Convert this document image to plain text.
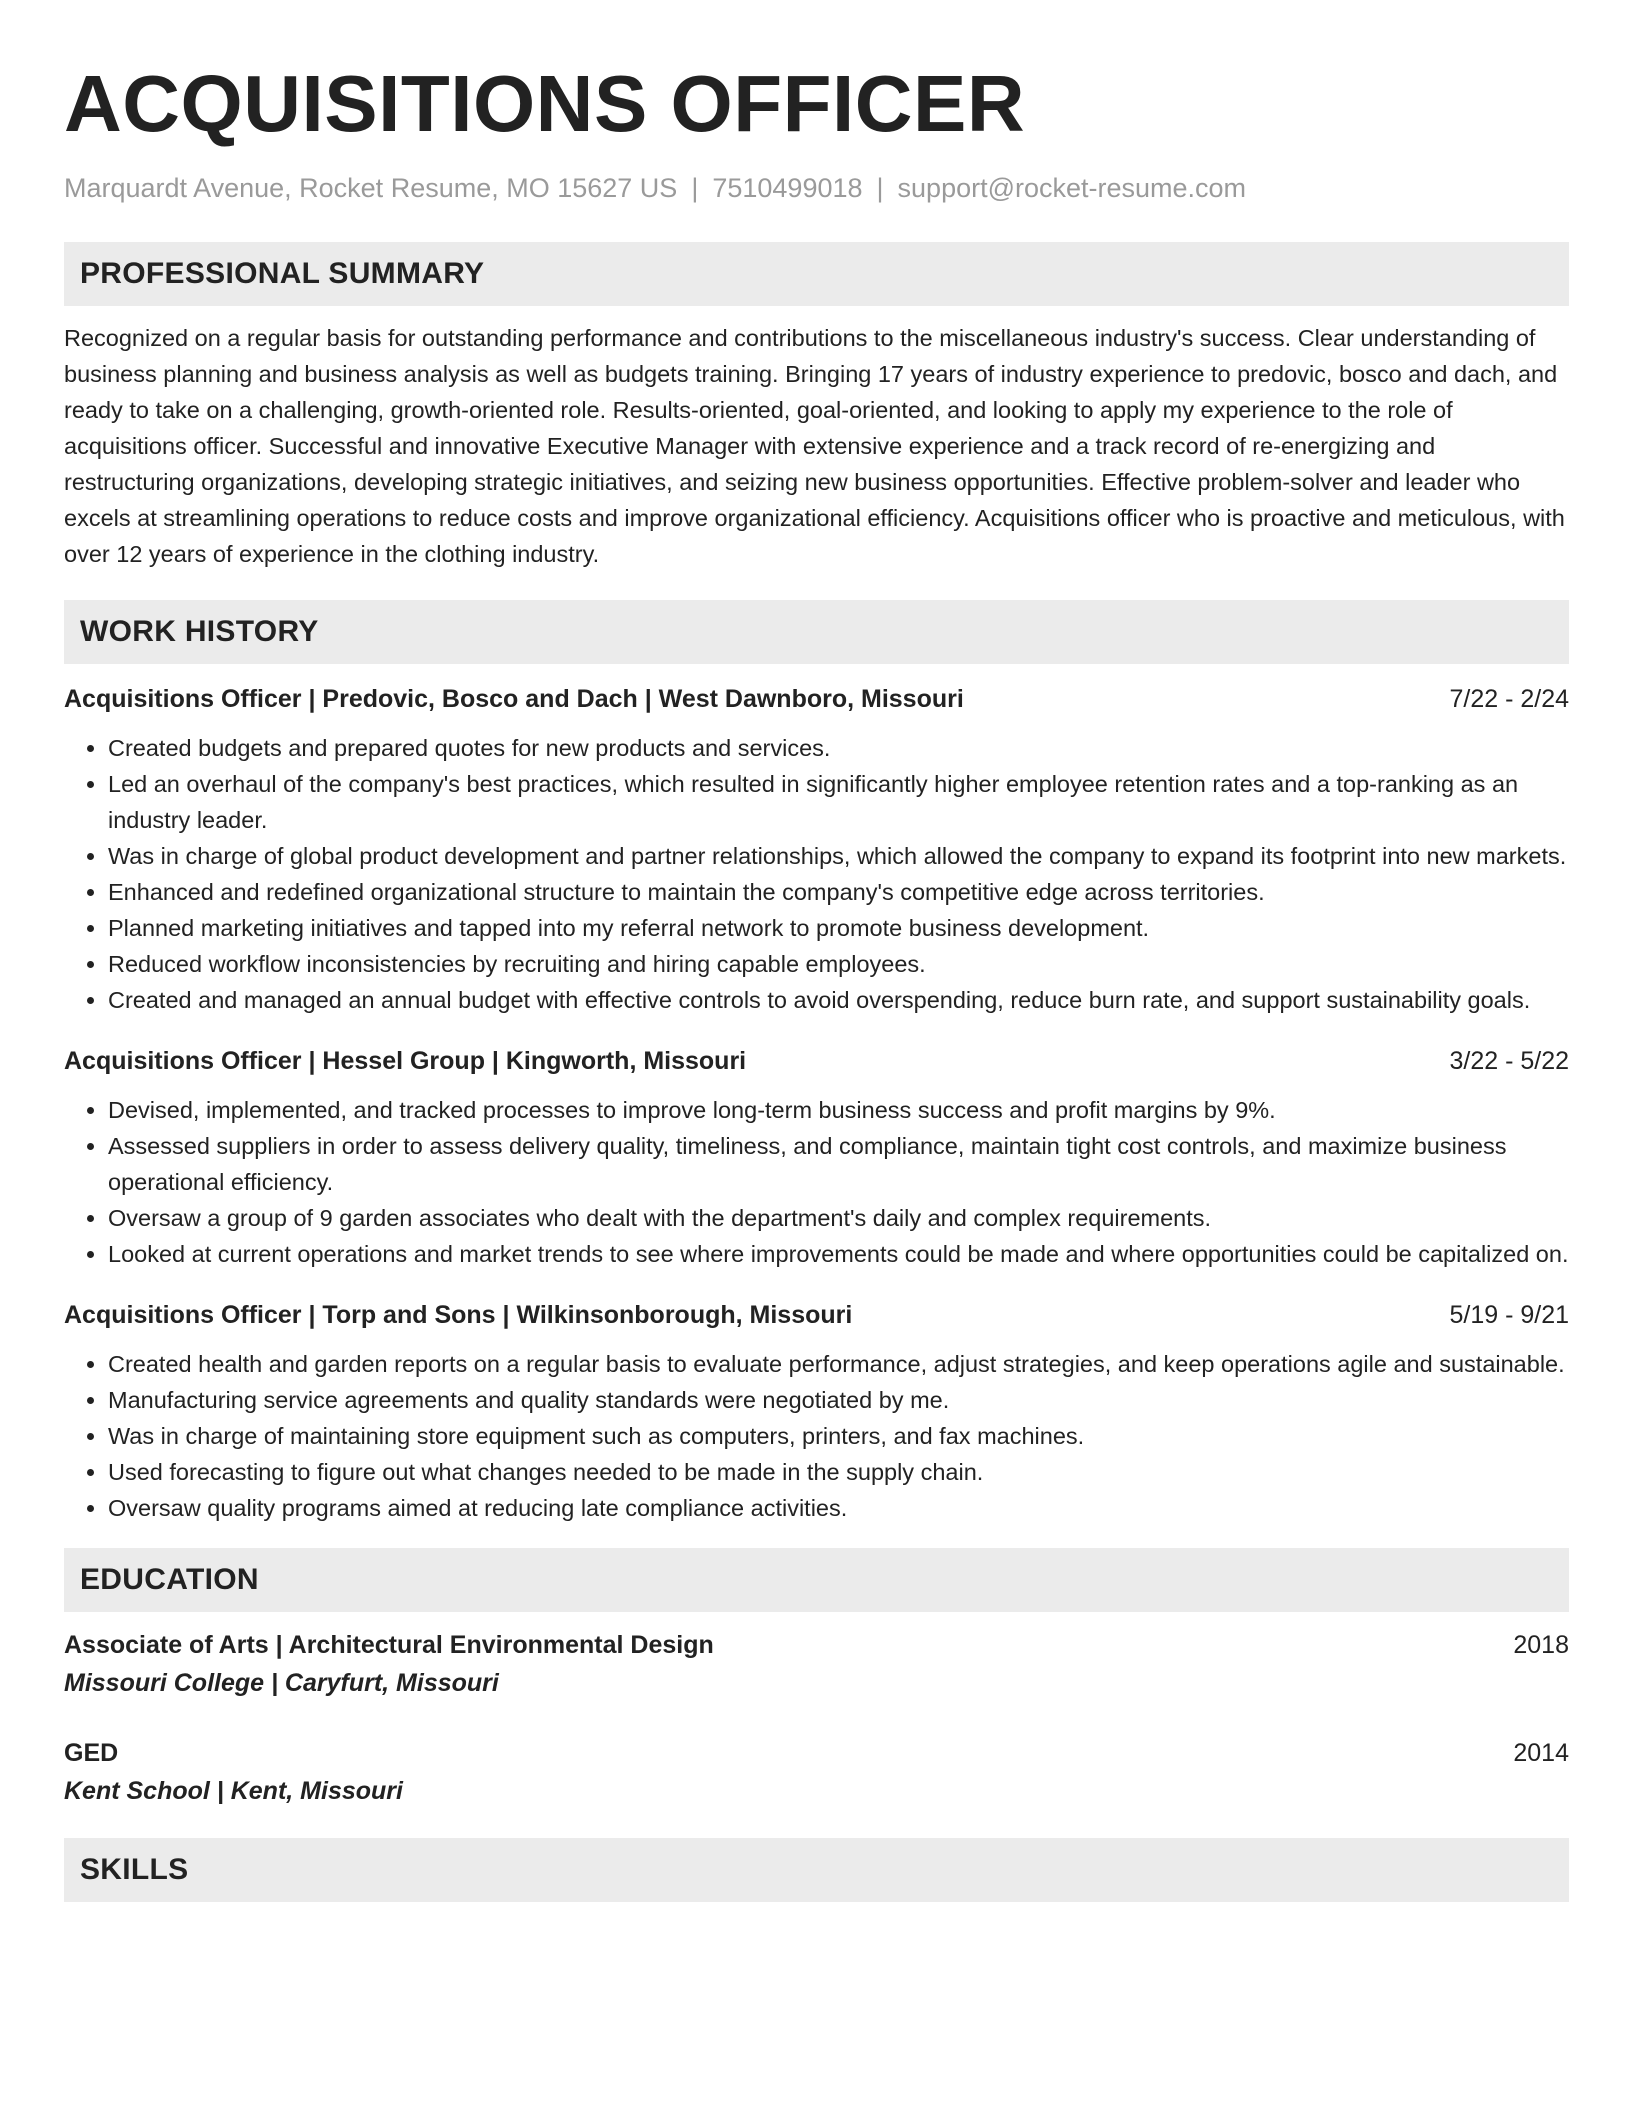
ACQUISITIONS OFFICER
Marquardt Avenue, Rocket Resume, MO 15627 US | 7510499018 | support@rocket-resume.com
PROFESSIONAL SUMMARY

Recognized on a regular basis for outstanding performance and contributions to the miscellaneous industry's success. Clear understanding of business planning and business analysis as well as budgets training. Bringing 17 years of industry experience to predovic, bosco and dach, and ready to take on a challenging, growth-oriented role. Results-oriented, goal-oriented, and looking to apply my experience to the role of acquisitions officer. Successful and innovative Executive Manager with extensive experience and a track record of re-energizing and restructuring organizations, developing strategic initiatives, and seizing new business opportunities. Effective problem-solver and leader who excels at streamlining operations to reduce costs and improve organizational efficiency. Acquisitions officer who is proactive and meticulous, with over 12 years of experience in the clothing industry.

WORK HISTORY
Acquisitions Officer | Predovic, Bosco and Dach | West Dawnboro, Missouri	7/22 - 2/24
• Created budgets and prepared quotes for new products and services.
• Led an overhaul of the company's best practices, which resulted in significantly higher employee retention rates and a top-ranking as an industry leader.
• Was in charge of global product development and partner relationships, which allowed the company to expand its footprint into new markets.
• Enhanced and redefined organizational structure to maintain the company's competitive edge across territories.
• Planned marketing initiatives and tapped into my referral network to promote business development.
• Reduced workflow inconsistencies by recruiting and hiring capable employees.
• Created and managed an annual budget with effective controls to avoid overspending, reduce burn rate, and support sustainability goals.
Acquisitions Officer | Hessel Group | Kingworth, Missouri	3/22 - 5/22
• Devised, implemented, and tracked processes to improve long-term business success and profit margins by 9%.
• Assessed suppliers in order to assess delivery quality, timeliness, and compliance, maintain tight cost controls, and maximize business operational efficiency.
• Oversaw a group of 9 garden associates who dealt with the department's daily and complex requirements.
• Looked at current operations and market trends to see where improvements could be made and where opportunities could be capitalized on.
Acquisitions Officer | Torp and Sons | Wilkinsonborough, Missouri	5/19 - 9/21
• Created health and garden reports on a regular basis to evaluate performance, adjust strategies, and keep operations agile and sustainable.
• Manufacturing service agreements and quality standards were negotiated by me.
• Was in charge of maintaining store equipment such as computers, printers, and fax machines.
• Used forecasting to figure out what changes needed to be made in the supply chain.
• Oversaw quality programs aimed at reducing late compliance activities.
EDUCATION
Associate of Arts | Architectural Environmental Design	2018
Missouri College | Caryfurt, Missouri
GED	2014
Kent School | Kent, Missouri
SKILLS
